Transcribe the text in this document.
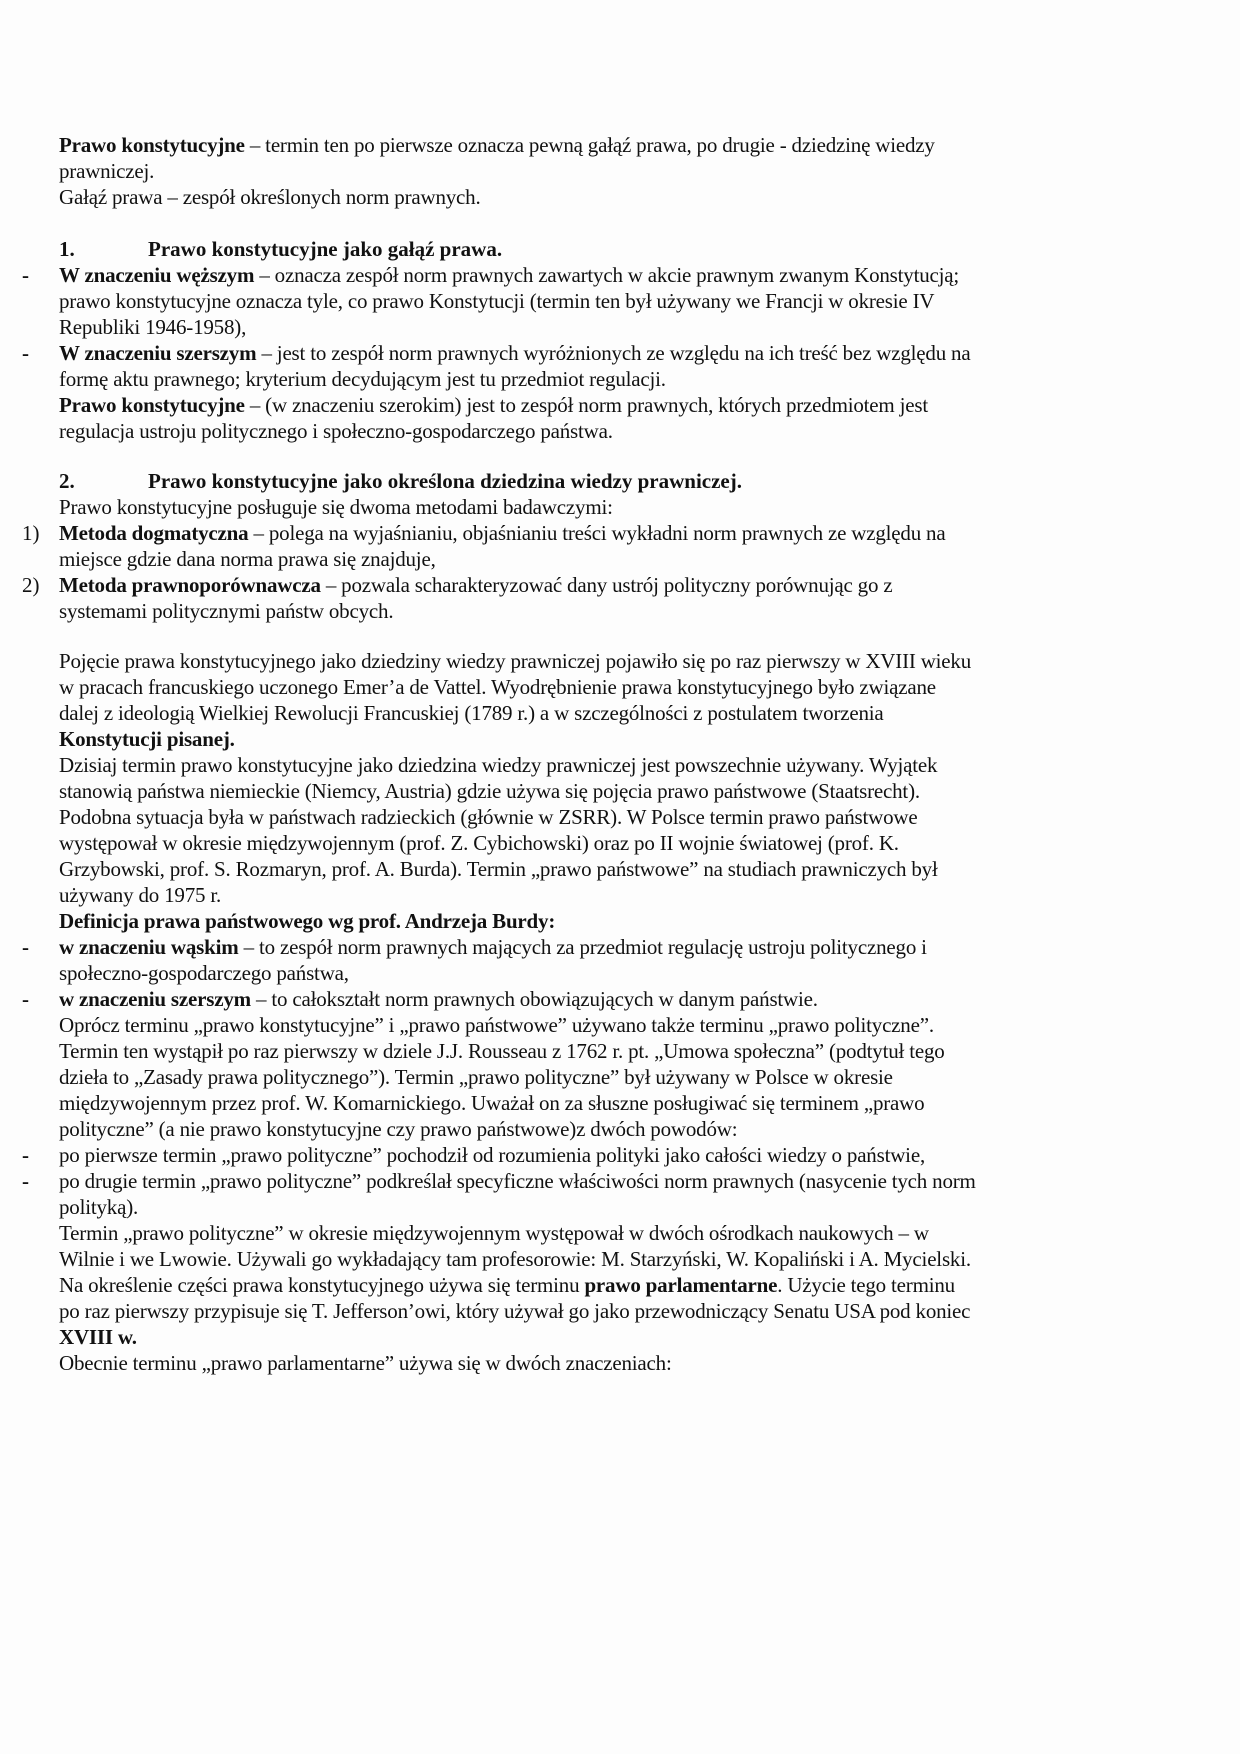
Prawo konstytucyjne – termin ten po pierwsze oznacza pewną gałąź prawa, po drugie - dziedzinę wiedzy
prawniczej.
Gałąź prawa – zespół określonych norm prawnych.
1.	Prawo konstytucyjne jako gałąź prawa.
- W znaczeniu węższym – oznacza zespół norm prawnych zawartych w akcie prawnym zwanym Konstytucją;
prawo konstytucyjne oznacza tyle, co prawo Konstytucji (termin ten był używany we Francji w okresie IV
Republiki 1946-1958),
- W znaczeniu szerszym – jest to zespół norm prawnych wyróżnionych ze względu na ich treść bez względu na
formę aktu prawnego; kryterium decydującym jest tu przedmiot regulacji.
Prawo konstytucyjne – (w znaczeniu szerokim) jest to zespół norm prawnych, których przedmiotem jest
regulacja ustroju politycznego i społeczno-gospodarczego państwa.
2.	Prawo konstytucyjne jako określona dziedzina wiedzy prawniczej.
Prawo konstytucyjne posługuje się dwoma metodami badawczymi:
1) Metoda dogmatyczna – polega na wyjaśnianiu, objaśnianiu treści wykładni norm prawnych ze względu na
miejsce gdzie dana norma prawa się znajduje,
2) Metoda prawnoporównawcza – pozwala scharakteryzować dany ustrój polityczny porównując go z
systemami politycznymi państw obcych.
Pojęcie prawa konstytucyjnego jako dziedziny wiedzy prawniczej pojawiło się po raz pierwszy w XVIII wieku
w pracach francuskiego uczonego Emer’a de Vattel. Wyodrębnienie prawa konstytucyjnego było związane
dalej z ideologią Wielkiej Rewolucji Francuskiej (1789 r.) a w szczególności z postulatem tworzenia
Konstytucji pisanej.
Dzisiaj termin prawo konstytucyjne jako dziedzina wiedzy prawniczej jest powszechnie używany. Wyjątek
stanowią państwa niemieckie (Niemcy, Austria) gdzie używa się pojęcia prawo państwowe (Staatsrecht).
Podobna sytuacja była w państwach radzieckich (głównie w ZSRR). W Polsce termin prawo państwowe
występował w okresie międzywojennym (prof. Z. Cybichowski) oraz po II wojnie światowej (prof. K.
Grzybowski, prof. S. Rozmaryn, prof. A. Burda). Termin „prawo państwowe” na studiach prawniczych był
używany do 1975 r.
Definicja prawa państwowego wg prof. Andrzeja Burdy:
- w znaczeniu wąskim – to zespół norm prawnych mających za przedmiot regulację ustroju politycznego i
społeczno-gospodarczego państwa,
- w znaczeniu szerszym – to całokształt norm prawnych obowiązujących w danym państwie.
Oprócz terminu „prawo konstytucyjne” i „prawo państwowe” używano także terminu „prawo polityczne”.
Termin ten wystąpił po raz pierwszy w dziele J.J. Rousseau z 1762 r. pt. „Umowa społeczna” (podtytuł tego
dzieła to „Zasady prawa politycznego”). Termin „prawo polityczne” był używany w Polsce w okresie
międzywojennym przez prof. W. Komarnickiego. Uważał on za słuszne posługiwać się terminem „prawo
polityczne” (a nie prawo konstytucyjne czy prawo państwowe)z dwóch powodów:
- po pierwsze termin „prawo polityczne” pochodził od rozumienia polityki jako całości wiedzy o państwie,
- po drugie termin „prawo polityczne” podkreślał specyficzne właściwości norm prawnych (nasycenie tych norm
polityką).
Termin „prawo polityczne” w okresie międzywojennym występował w dwóch ośrodkach naukowych – w
Wilnie i we Lwowie. Używali go wykładający tam profesorowie: M. Starzyński, W. Kopaliński i A. Mycielski.
Na określenie części prawa konstytucyjnego używa się terminu prawo parlamentarne. Użycie tego terminu
po raz pierwszy przypisuje się T. Jefferson’owi, który używał go jako przewodniczący Senatu USA pod koniec
XVIII w.
Obecnie terminu „prawo parlamentarne” używa się w dwóch znaczeniach:
